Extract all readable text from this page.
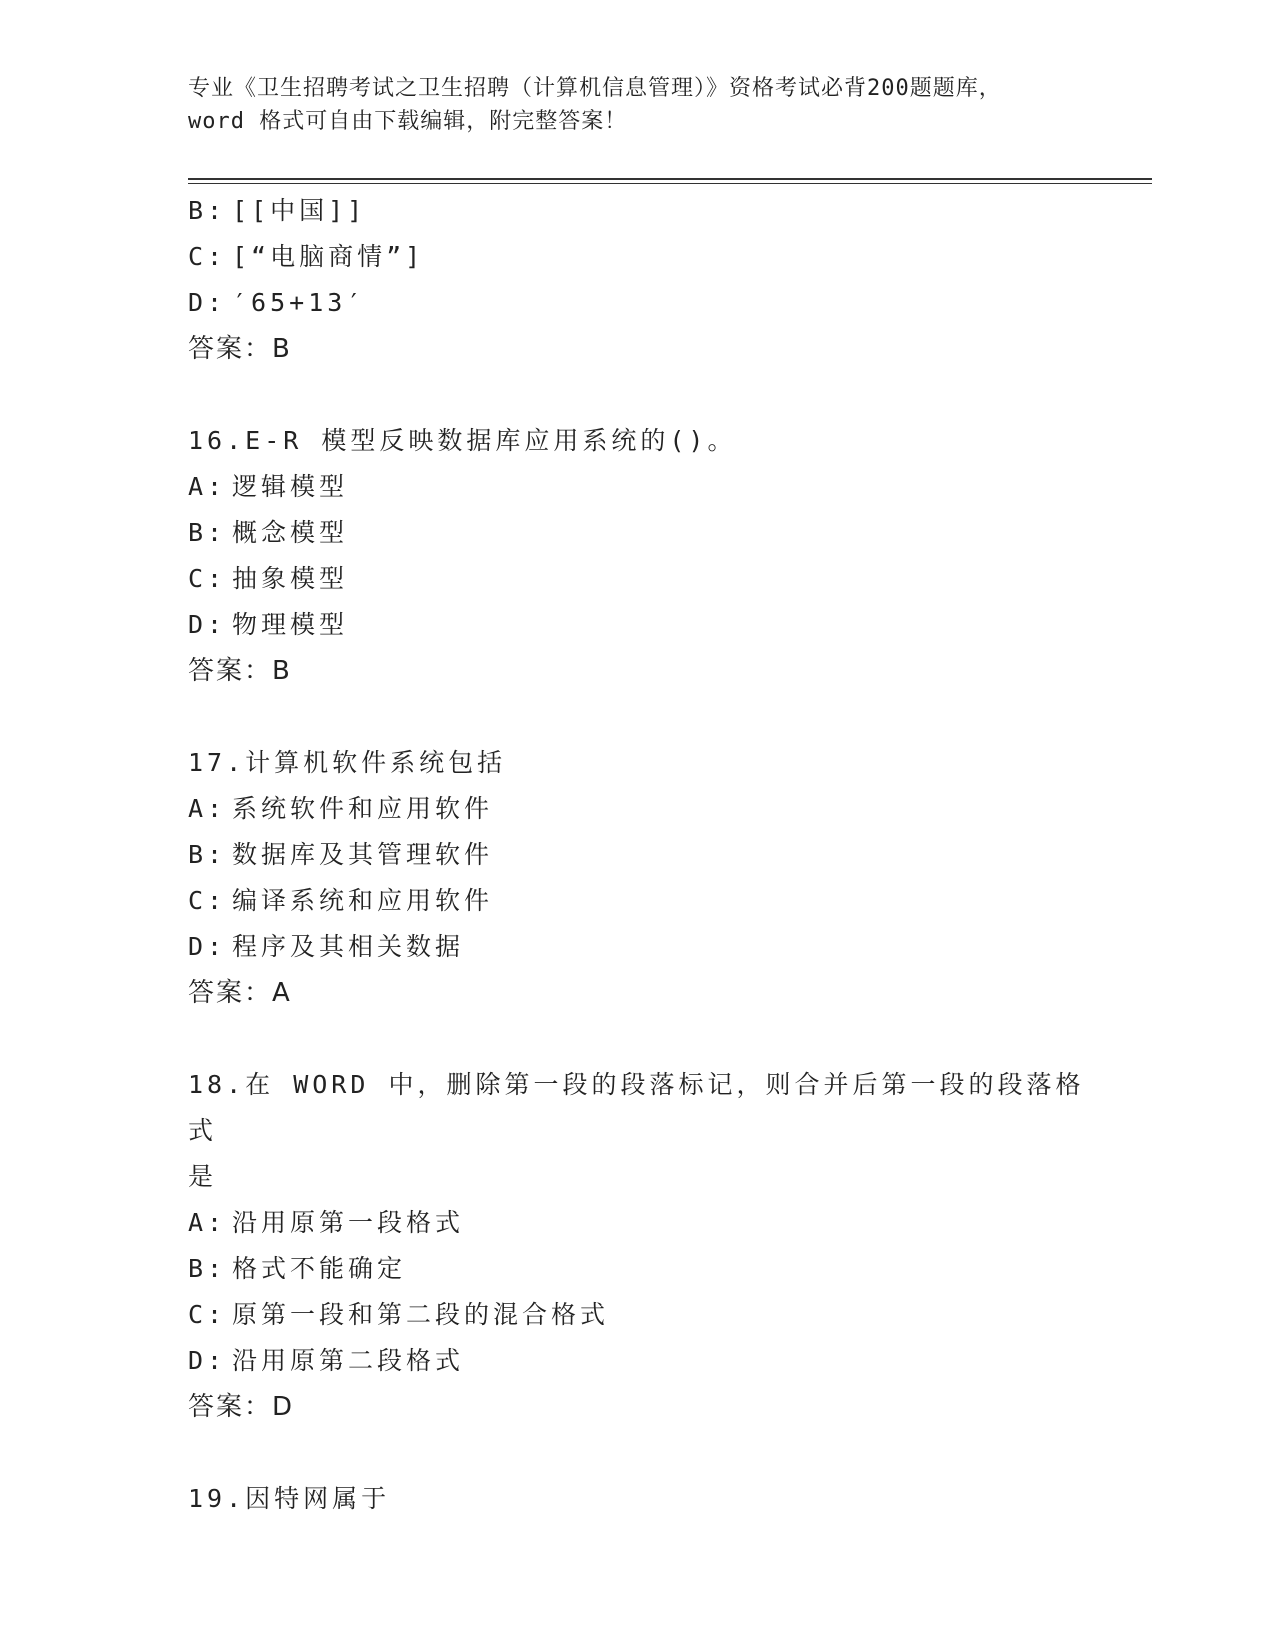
专业《卫生招聘考试之卫生招聘（计算机信息管理）》资格考试必背200题题库，
word 格式可自由下载编辑，附完整答案！
B: [[中国]]
C: [“电脑商情”]
D: ′65+13′
答案：B
16.E-R 模型反映数据库应用系统的()。
A: 逻辑模型
B: 概念模型
C: 抽象模型
D: 物理模型
答案：B
17.计算机软件系统包括
A: 系统软件和应用软件
B: 数据库及其管理软件
C: 编译系统和应用软件
D: 程序及其相关数据
答案：A
18.在 WORD 中，删除第一段的段落标记，则合并后第一段的段落格式
是
A: 沿用原第一段格式
B: 格式不能确定
C: 原第一段和第二段的混合格式
D: 沿用原第二段格式
答案：D
19.因特网属于
